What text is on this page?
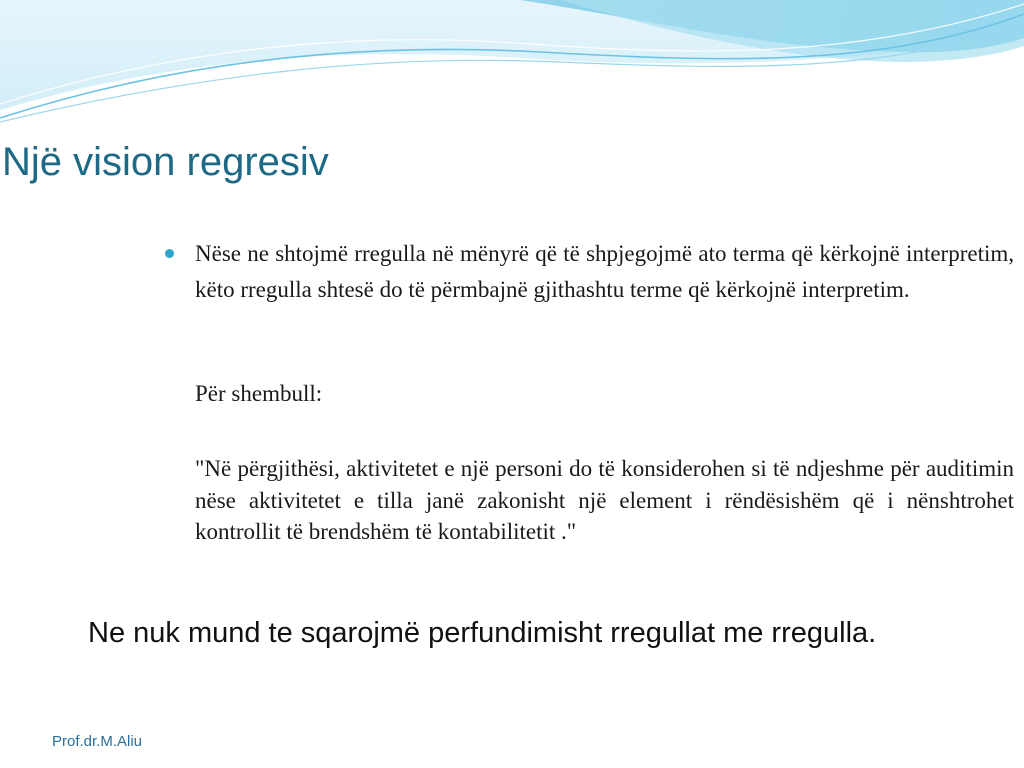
Një vision regresiv

Nëse ne shtojmë rregulla në mënyrë që të shpjegojmë ato terma që kërkojnë interpretim, këto rregulla shtesë do të përmbajnë gjithashtu terme që kërkojnë interpretim.

Për shembull:

"Në përgjithësi, aktivitetet e një personi do të konsiderohen si të ndjeshme për auditimin nëse aktivitetet e tilla janë zakonisht një element i rëndësishëm që i nënshtrohet kontrollit të brendshëm të kontabilitetit ."

Ne nuk mund te sqarojmë perfundimisht rregullat me rregulla.

Prof.dr.M.Aliu
